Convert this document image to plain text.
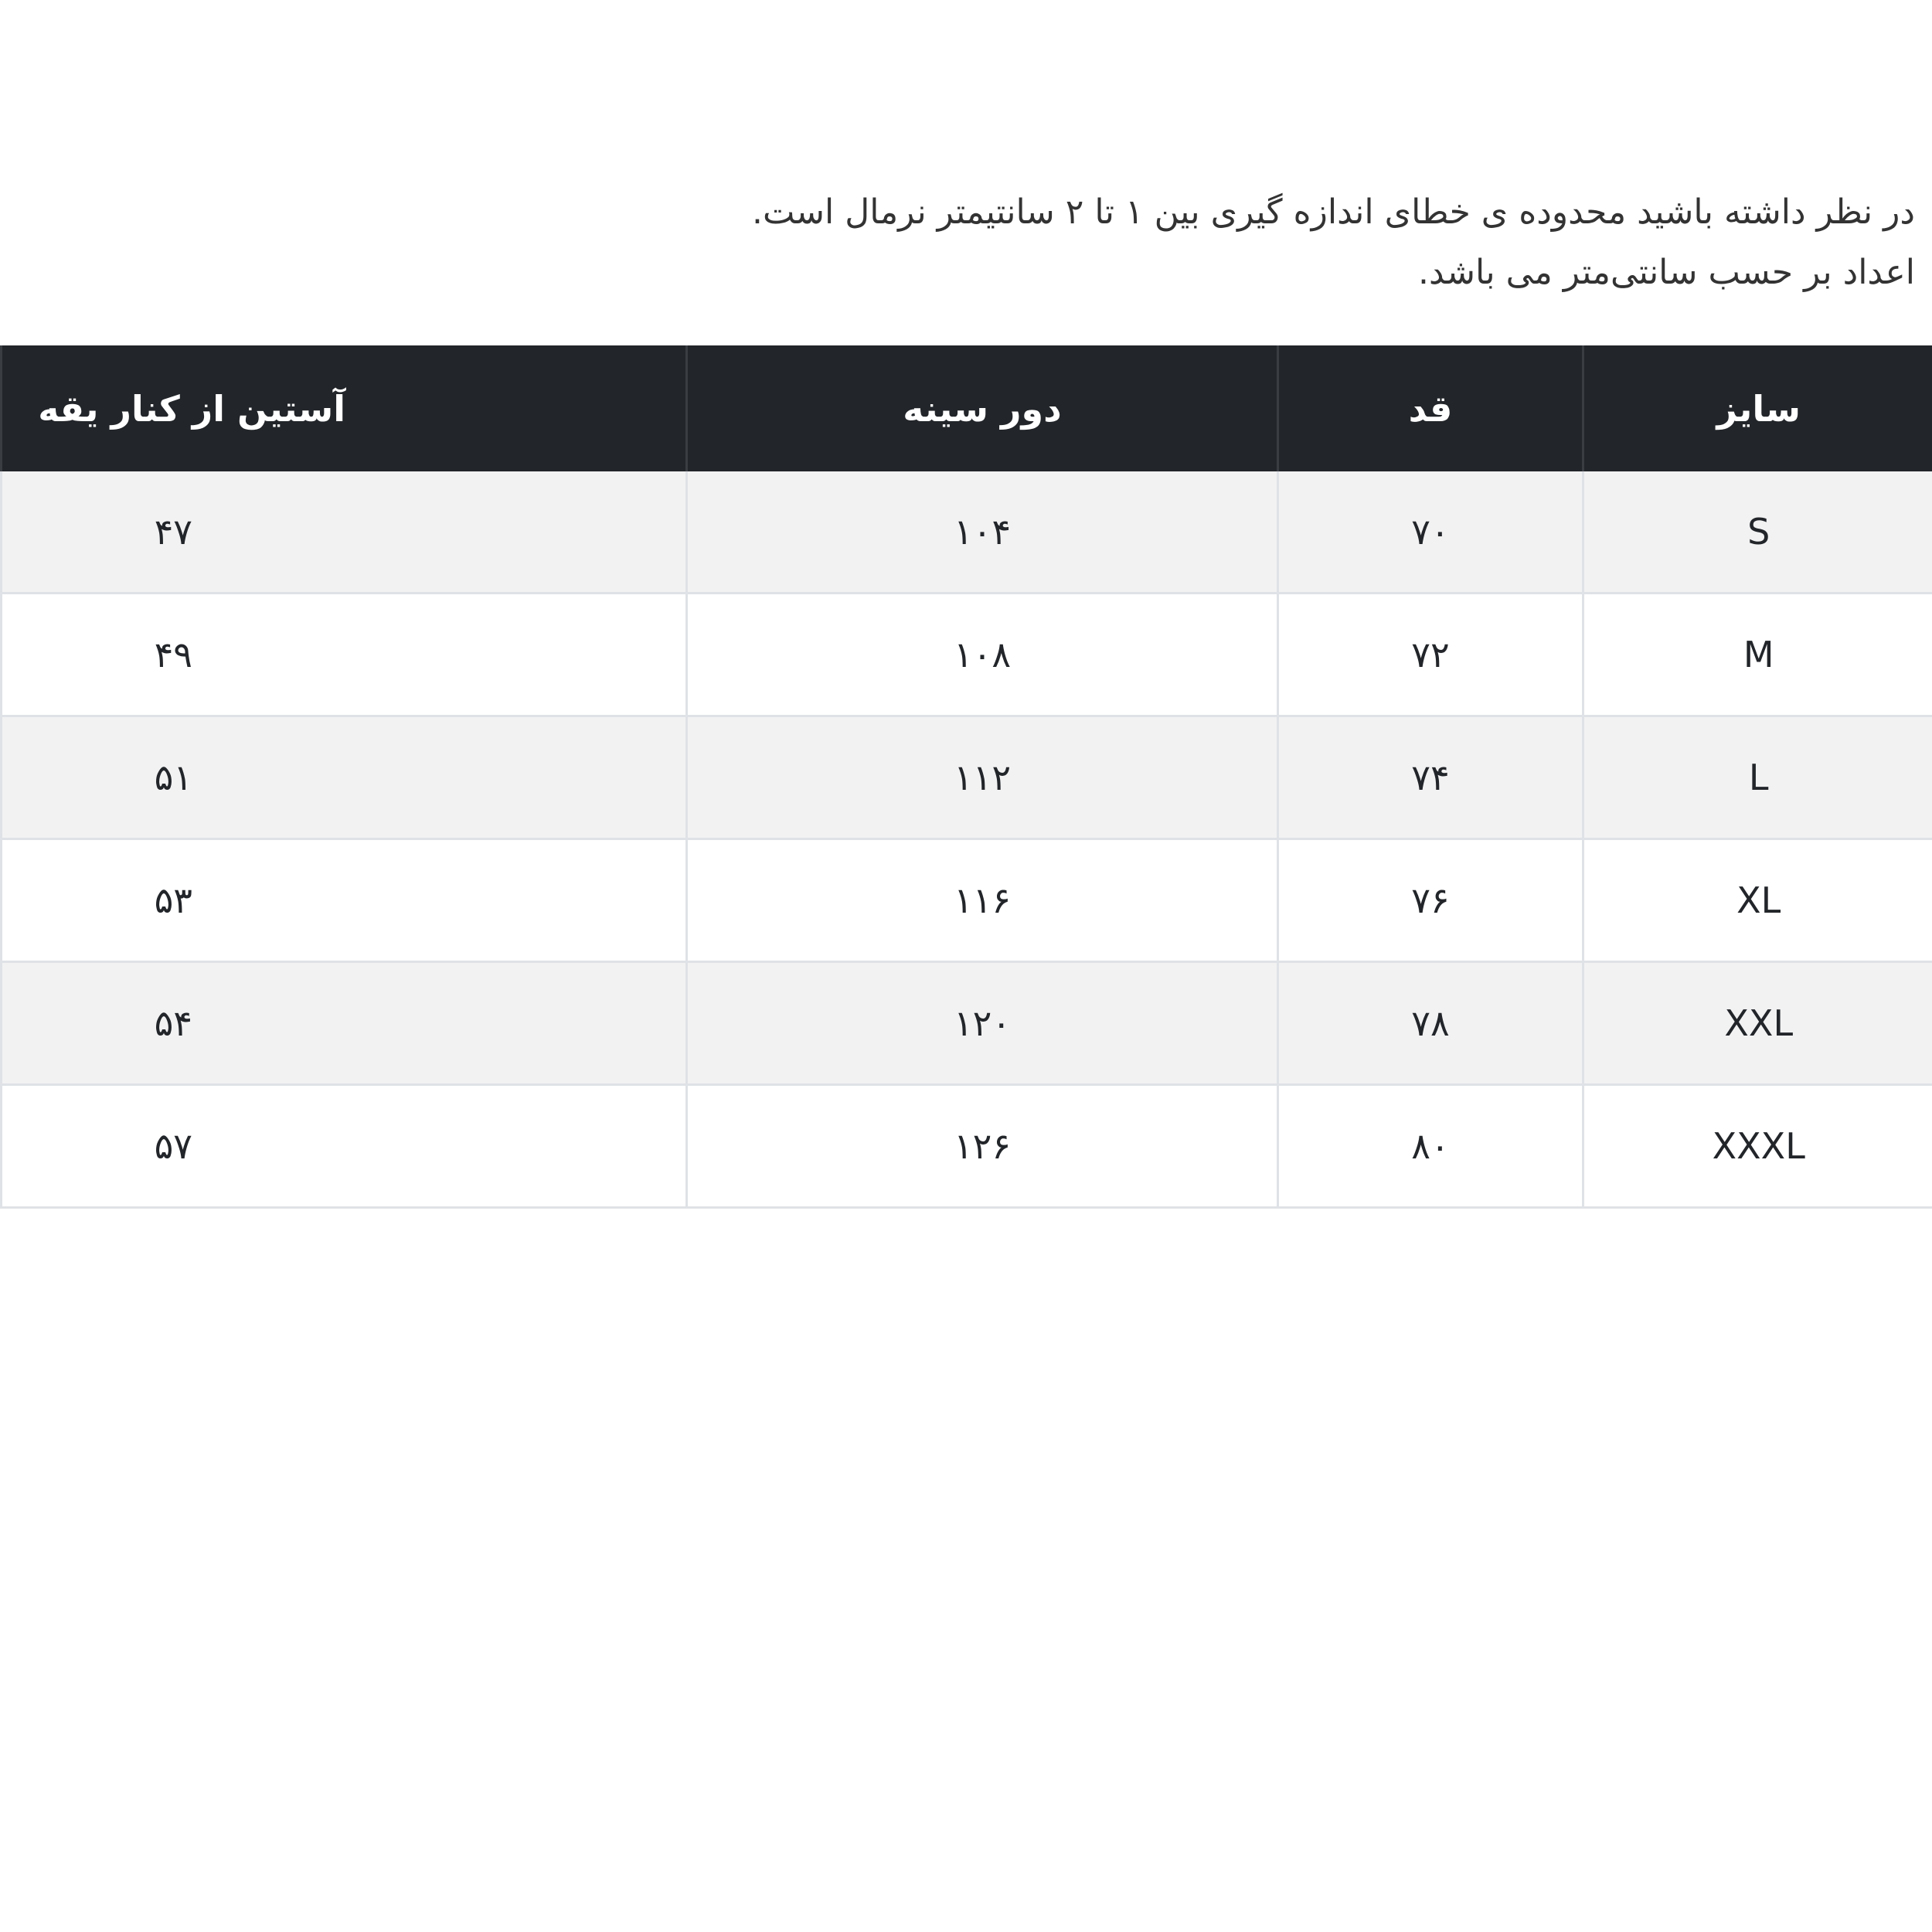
در نظر داشته باشید محدوده ی خطای اندازه گیری بین ۱ تا ۲ سانتیمتر نرمال است.

اعداد بر حسب سانتی‌متر می باشد.

سایز	قد	دور سینه	آستین از کنار یقه
S	۷۰	۱۰۴	۴۷
M	۷۲	۱۰۸	۴۹
L	۷۴	۱۱۲	۵۱
XL	۷۶	۱۱۶	۵۳
XXL	۷۸	۱۲۰	۵۴
XXXL	۸۰	۱۲۶	۵۷
